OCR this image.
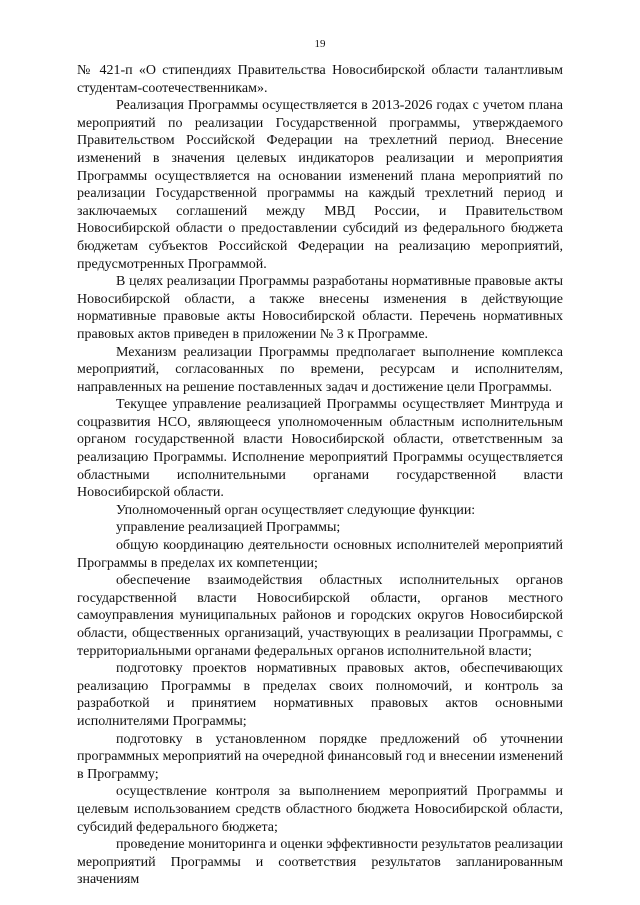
19

№ 421-п «О стипендиях Правительства Новосибирской области талантливым студентам-соотечественникам».

Реализация Программы осуществляется в 2013-2026 годах с учетом плана мероприятий по реализации Государственной программы, утверждаемого Правительством Российской Федерации на трехлетний период. Внесение изменений в значения целевых индикаторов реализации и мероприятия Программы осуществляется на основании изменений плана мероприятий по реализации Государственной программы на каждый трехлетний период и заключаемых соглашений между МВД России, и Правительством Новосибирской области о предоставлении субсидий из федерального бюджета бюджетам субъектов Российской Федерации на реализацию мероприятий, предусмотренных Программой.

В целях реализации Программы разработаны нормативные правовые акты Новосибирской области, а также внесены изменения в действующие нормативные правовые акты Новосибирской области. Перечень нормативных правовых актов приведен в приложении № 3 к Программе.

Механизм реализации Программы предполагает выполнение комплекса мероприятий, согласованных по времени, ресурсам и исполнителям, направленных на решение поставленных задач и достижение цели Программы.

Текущее управление реализацией Программы осуществляет Минтруда и соцразвития НСО, являющееся уполномоченным областным исполнительным органом государственной власти Новосибирской области, ответственным за реализацию Программы. Исполнение мероприятий Программы осуществляется областными исполнительными органами государственной власти Новосибирской области.

Уполномоченный орган осуществляет следующие функции:

управление реализацией Программы;

общую координацию деятельности основных исполнителей мероприятий Программы в пределах их компетенции;

обеспечение взаимодействия областных исполнительных органов государственной власти Новосибирской области, органов местного самоуправления муниципальных районов и городских округов Новосибирской области, общественных организаций, участвующих в реализации Программы, с территориальными органами федеральных органов исполнительной власти;

подготовку проектов нормативных правовых актов, обеспечивающих реализацию Программы в пределах своих полномочий, и контроль за разработкой и принятием нормативных правовых актов основными исполнителями Программы;

подготовку в установленном порядке предложений об уточнении программных мероприятий на очередной финансовый год и внесении изменений в Программу;

осуществление контроля за выполнением мероприятий Программы и целевым использованием средств областного бюджета Новосибирской области, субсидий федерального бюджета;

проведение мониторинга и оценки эффективности результатов реализации мероприятий Программы и соответствия результатов запланированным значениям
